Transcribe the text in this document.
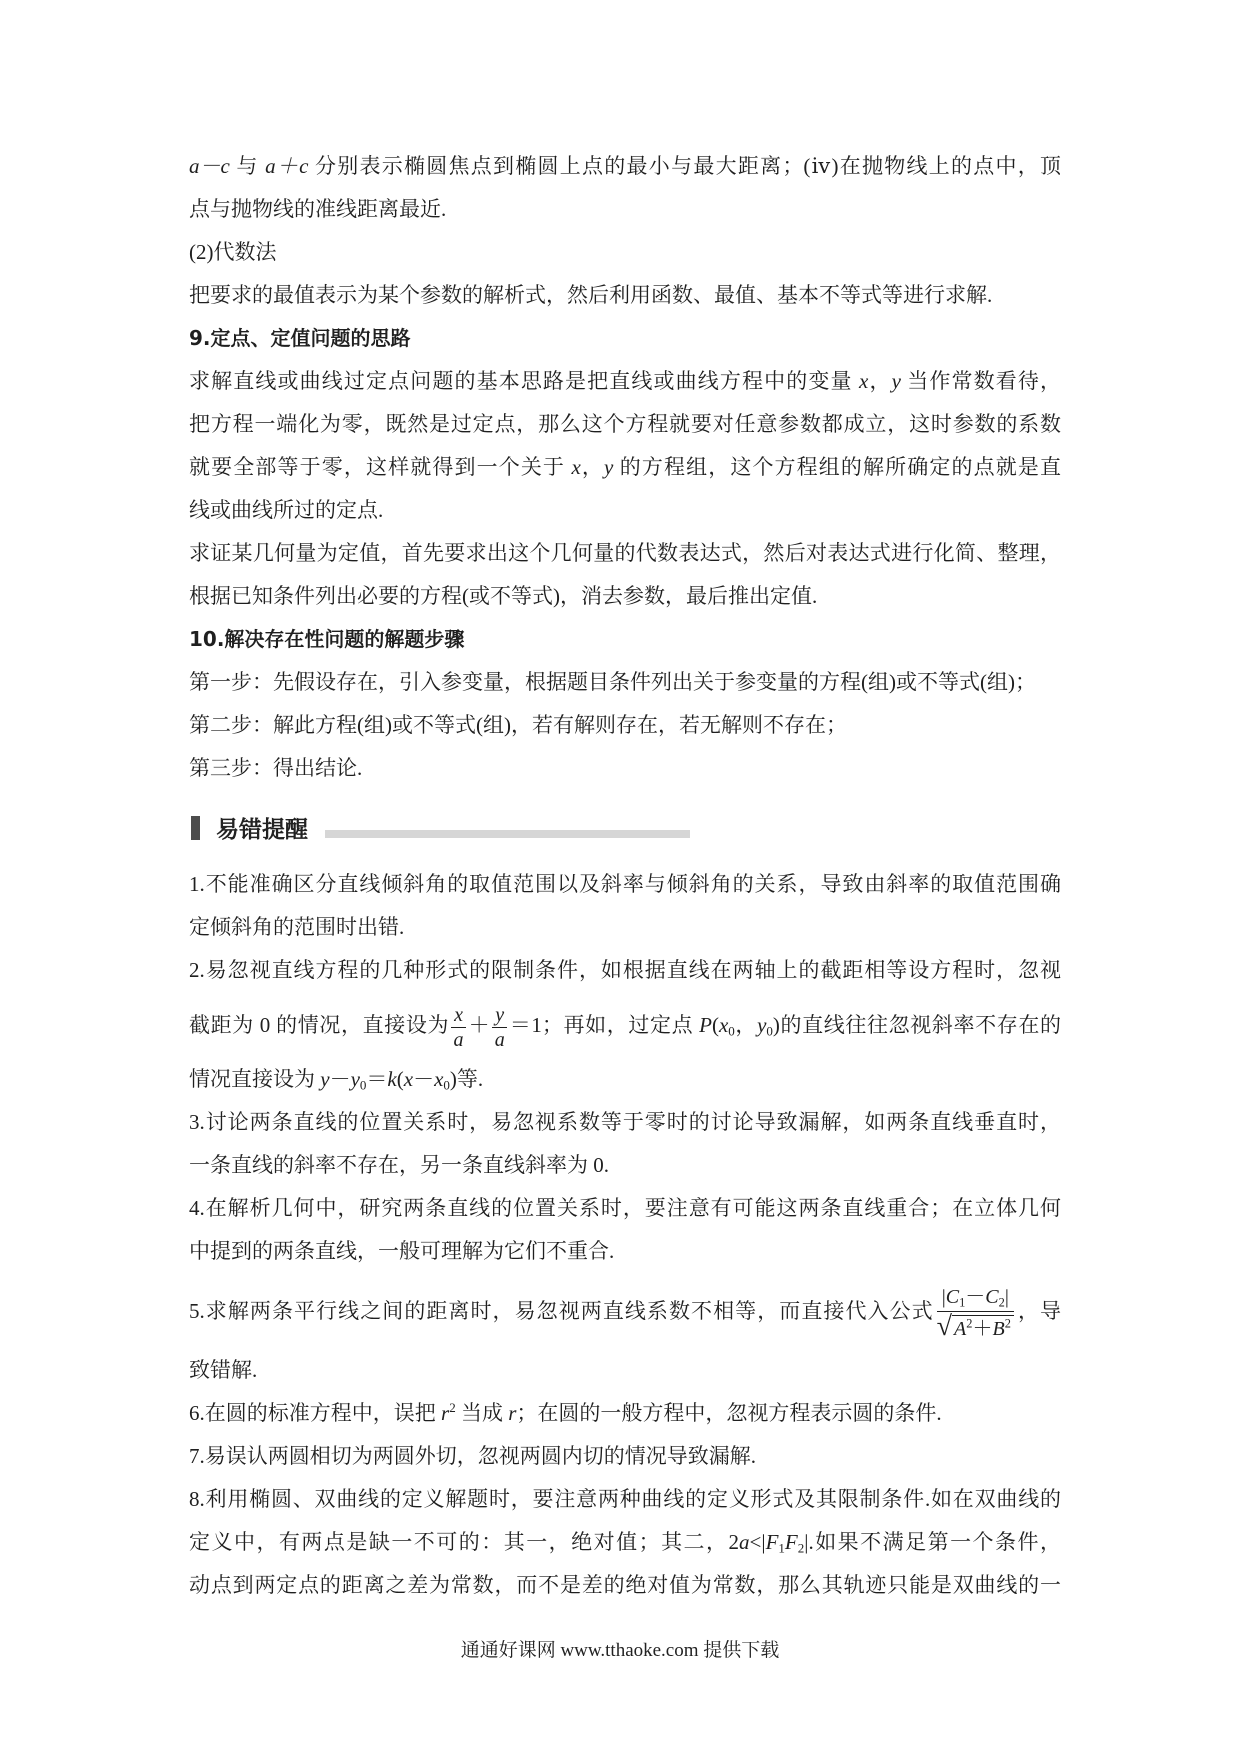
a－c 与 a＋c 分别表示椭圆焦点到椭圆上点的最小与最大距离；(ⅳ)在抛物线上的点中，顶
点与抛物线的准线距离最近.
(2)代数法
把要求的最值表示为某个参数的解析式，然后利用函数、最值、基本不等式等进行求解.
9.定点、定值问题的思路
求解直线或曲线过定点问题的基本思路是把直线或曲线方程中的变量 x，y 当作常数看待，
把方程一端化为零，既然是过定点，那么这个方程就要对任意参数都成立，这时参数的系数
就要全部等于零，这样就得到一个关于 x，y 的方程组，这个方程组的解所确定的点就是直
线或曲线所过的定点.
求证某几何量为定值，首先要求出这个几何量的代数表达式，然后对表达式进行化简、整理，
根据已知条件列出必要的方程(或不等式)，消去参数，最后推出定值.
10.解决存在性问题的解题步骤
第一步：先假设存在，引入参变量，根据题目条件列出关于参变量的方程(组)或不等式(组)；
第二步：解此方程(组)或不等式(组)，若有解则存在，若无解则不存在；
第三步：得出结论.
易错提醒
1.不能准确区分直线倾斜角的取值范围以及斜率与倾斜角的关系，导致由斜率的取值范围确
定倾斜角的范围时出错.
2.易忽视直线方程的几种形式的限制条件，如根据直线在两轴上的截距相等设方程时，忽视
截距为 0 的情况，直接设为 $\frac{x}{a} + \frac{y}{a} =1$；再如，过定点 $P(x_0$，$y_0$)的直线往往忽视斜率不存在的
情况直接设为 $y-y_0=k(x-x_0)$等.
3.讨论两条直线的位置关系时，易忽视系数等于零时的讨论导致漏解，如两条直线垂直时，
一条直线的斜率不存在，另一条直线斜率为 0.
4.在解析几何中，研究两条直线的位置关系时，要注意有可能这两条直线重合；在立体几何
中提到的两条直线，一般可理解为它们不重合.
5.求解两条平行线之间的距离时，易忽视两直线系数不相等，而直接代入公式 $\frac{|C_1-C_2|}{√ A^2+B^2}$ ，导
致错解.
6.在圆的标准方程中，误把 $r^2$ 当成 r；在圆的一般方程中，忽视方程表示圆的条件.
7.易误认两圆相切为两圆外切，忽视两圆内切的情况导致漏解.
8.利用椭圆、双曲线的定义解题时，要注意两种曲线的定义形式及其限制条件.如在双曲线的
定义中，有两点是缺一不可的：其一，绝对值；其二，$2a<|F_1F_2|$.如果不满足第一个条件，
动点到两定点的距离之差为常数，而不是差的绝对值为常数，那么其轨迹只能是双曲线的一
通通好课网 www.tthaoke.com 提供下载
